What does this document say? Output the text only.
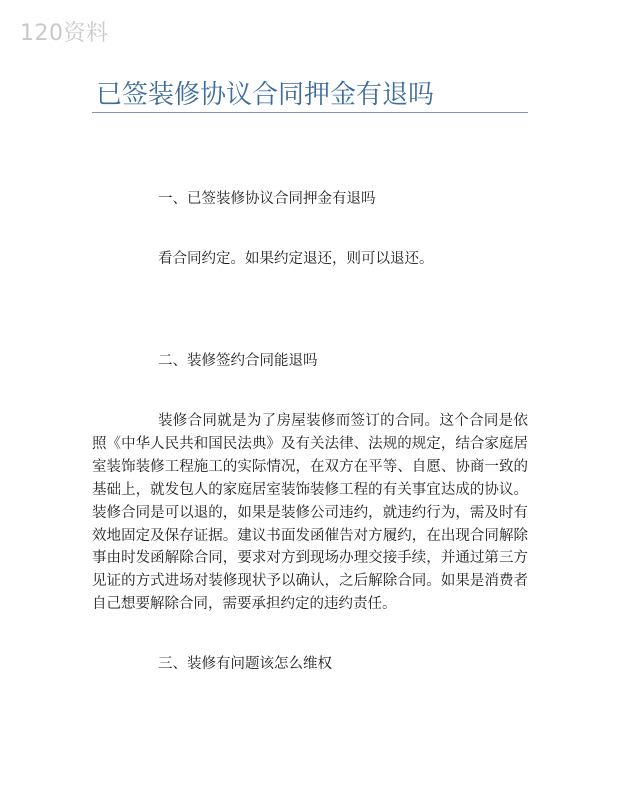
120资料
已签装修协议合同押金有退吗
一、已签装修协议合同押金有退吗
看合同约定。如果约定退还，则可以退还。
二、装修签约合同能退吗

装修合同就是为了房屋装修而签订的合同。这个合同是依照《中华人民共和国民法典》及有关法律、法规的规定，结合家庭居室装饰装修工程施工的实际情况，在双方在平等、自愿、协商一致的基础上，就发包人的家庭居室装饰装修工程的有关事宜达成的协议。装修合同是可以退的，如果是装修公司违约，就违约行为，需及时有效地固定及保存证据。建议书面发函催告对方履约，在出现合同解除事由时发函解除合同，要求对方到现场办理交接手续，并通过第三方见证的方式进场对装修现状予以确认，之后解除合同。如果是消费者自己想要解除合同，需要承担约定的违约责任。

三、装修有问题该怎么维权
